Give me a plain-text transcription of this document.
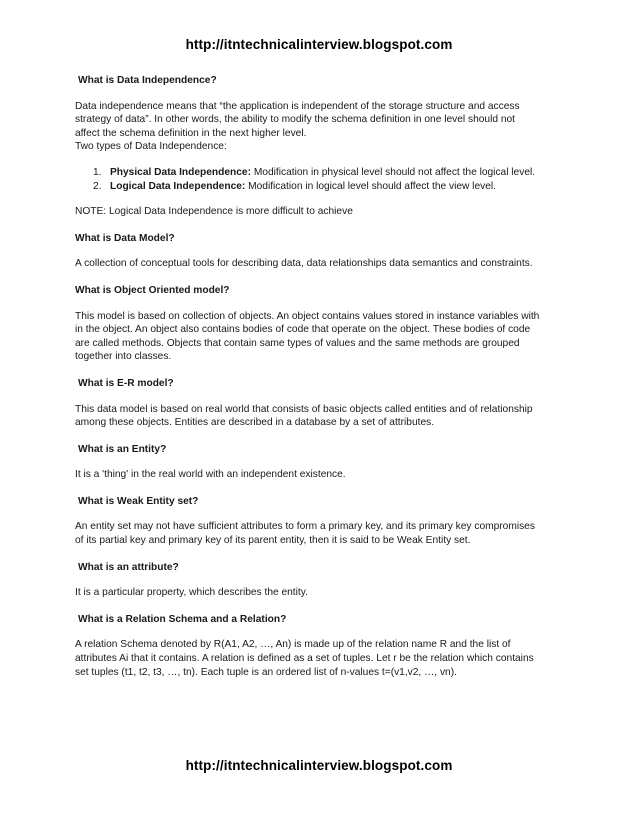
http://itntechnicalinterview.blogspot.com

What is Data Independence?

Data independence means that “the application is independent of the storage structure and access

strategy of data”. In other words, the ability to modify the schema definition in one level should not

affect the schema definition in the next higher level.

Two types of Data Independence:

1. Physical Data Independence: Modification in physical level should not affect the logical level.
2. Logical Data Independence: Modification in logical level should affect the view level.

NOTE: Logical Data Independence is more difficult to achieve

What is Data Model?

A collection of conceptual tools for describing data, data relationships data semantics and constraints.

What is Object Oriented model?

This model is based on collection of objects. An object contains values stored in instance variables with

in the object. An object also contains bodies of code that operate on the object. These bodies of code

are called methods. Objects that contain same types of values and the same methods are grouped

together into classes.

What is E-R model?

This data model is based on real world that consists of basic objects called entities and of relationship

among these objects. Entities are described in a database by a set of attributes.

What is an Entity?

It is a 'thing' in the real world with an independent existence.

What is Weak Entity set?

An entity set may not have sufficient attributes to form a primary key, and its primary key compromises

of its partial key and primary key of its parent entity, then it is said to be Weak Entity set.

What is an attribute?

It is a particular property, which describes the entity.

What is a Relation Schema and a Relation?

A relation Schema denoted by R(A1, A2, …, An) is made up of the relation name R and the list of

attributes Ai that it contains. A relation is defined as a set of tuples. Let r be the relation which contains

set tuples (t1, t2, t3, …, tn). Each tuple is an ordered list of n-values t=(v1,v2, …, vn).

http://itntechnicalinterview.blogspot.com
